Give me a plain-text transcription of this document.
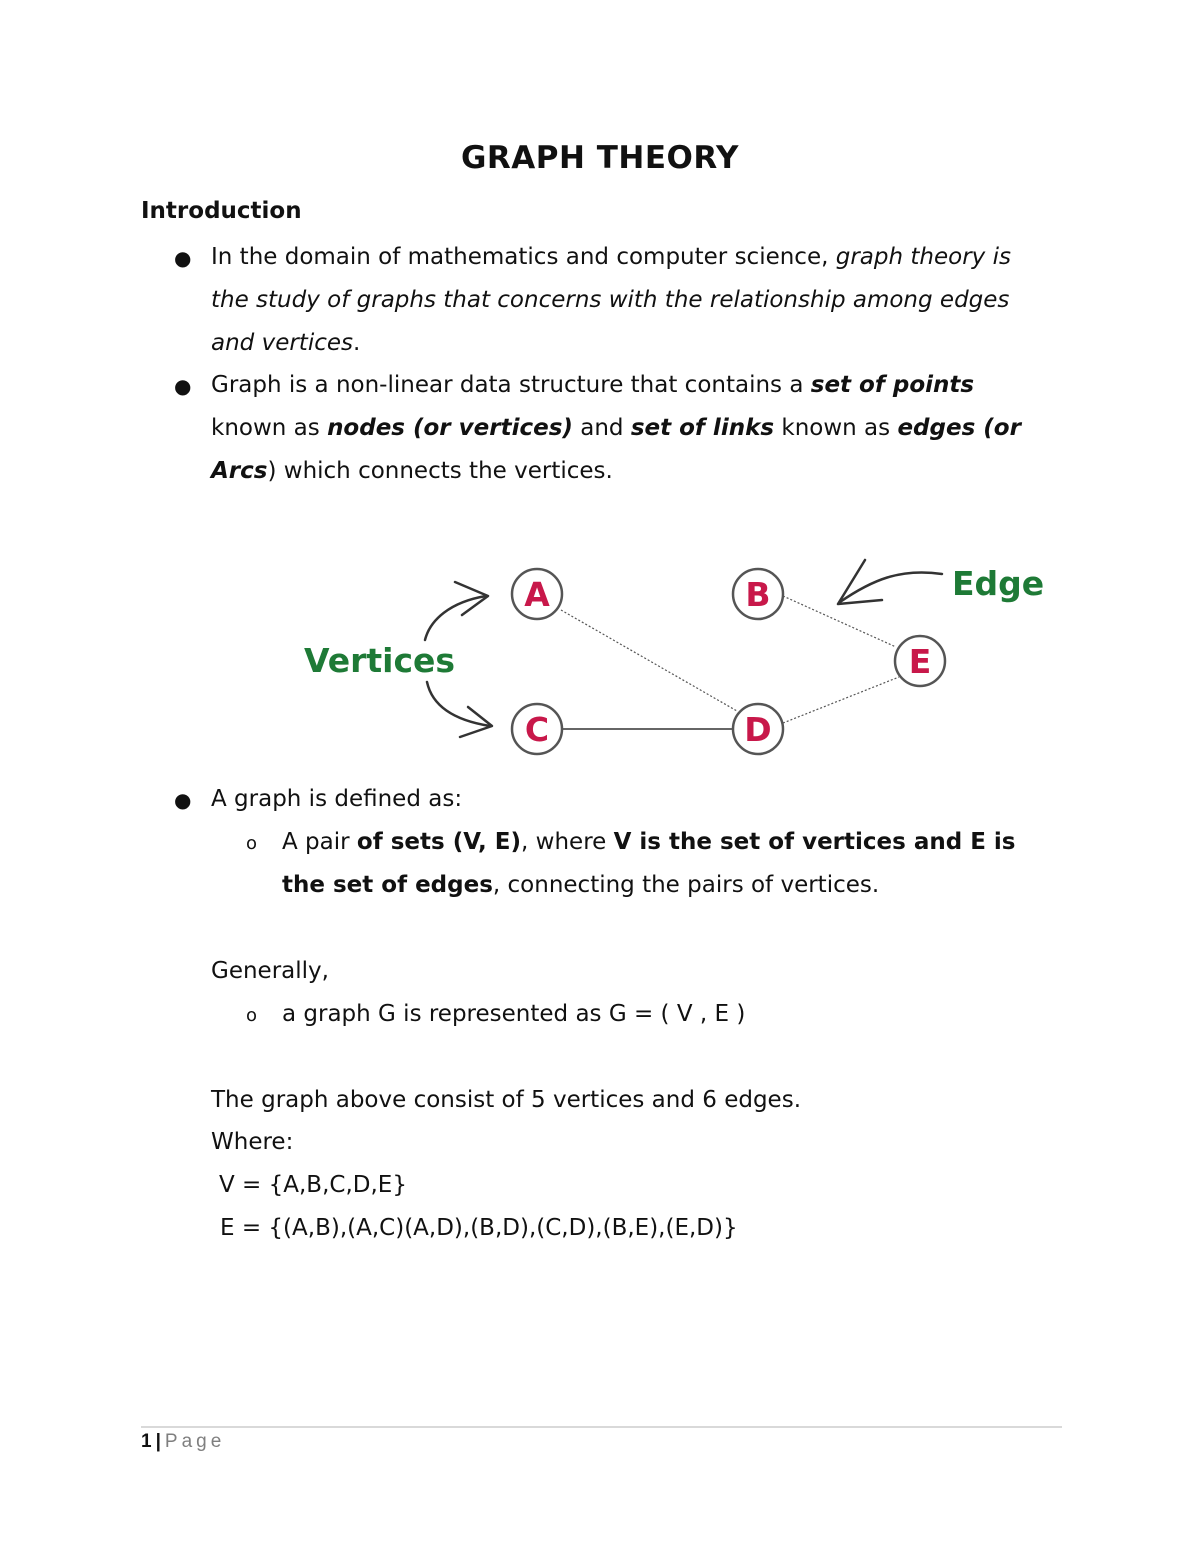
GRAPH THEORY
Introduction
● In the domain of mathematics and computer science, graph theory is
the study of graphs that concerns with the relationship among edges
and vertices.
● Graph is a non-linear data structure that contains a set of points
known as nodes (or vertices) and set of links known as edges (or
Arcs) which connects the vertices.
A	B
C	D
E
Vertices
Edge
● A graph is defined as:
o A pair of sets (V, E), where V is the set of vertices and E is
the set of edges, connecting the pairs of vertices.
Generally,
o a graph G is represented as G = ( V , E )
The graph above consist of 5 vertices and 6 edges.
Where:
V = {A,B,C,D,E}
E = {(A,B),(A,C)(A,D),(B,D),(C,D),(B,E),(E,D)}
1 | Page
